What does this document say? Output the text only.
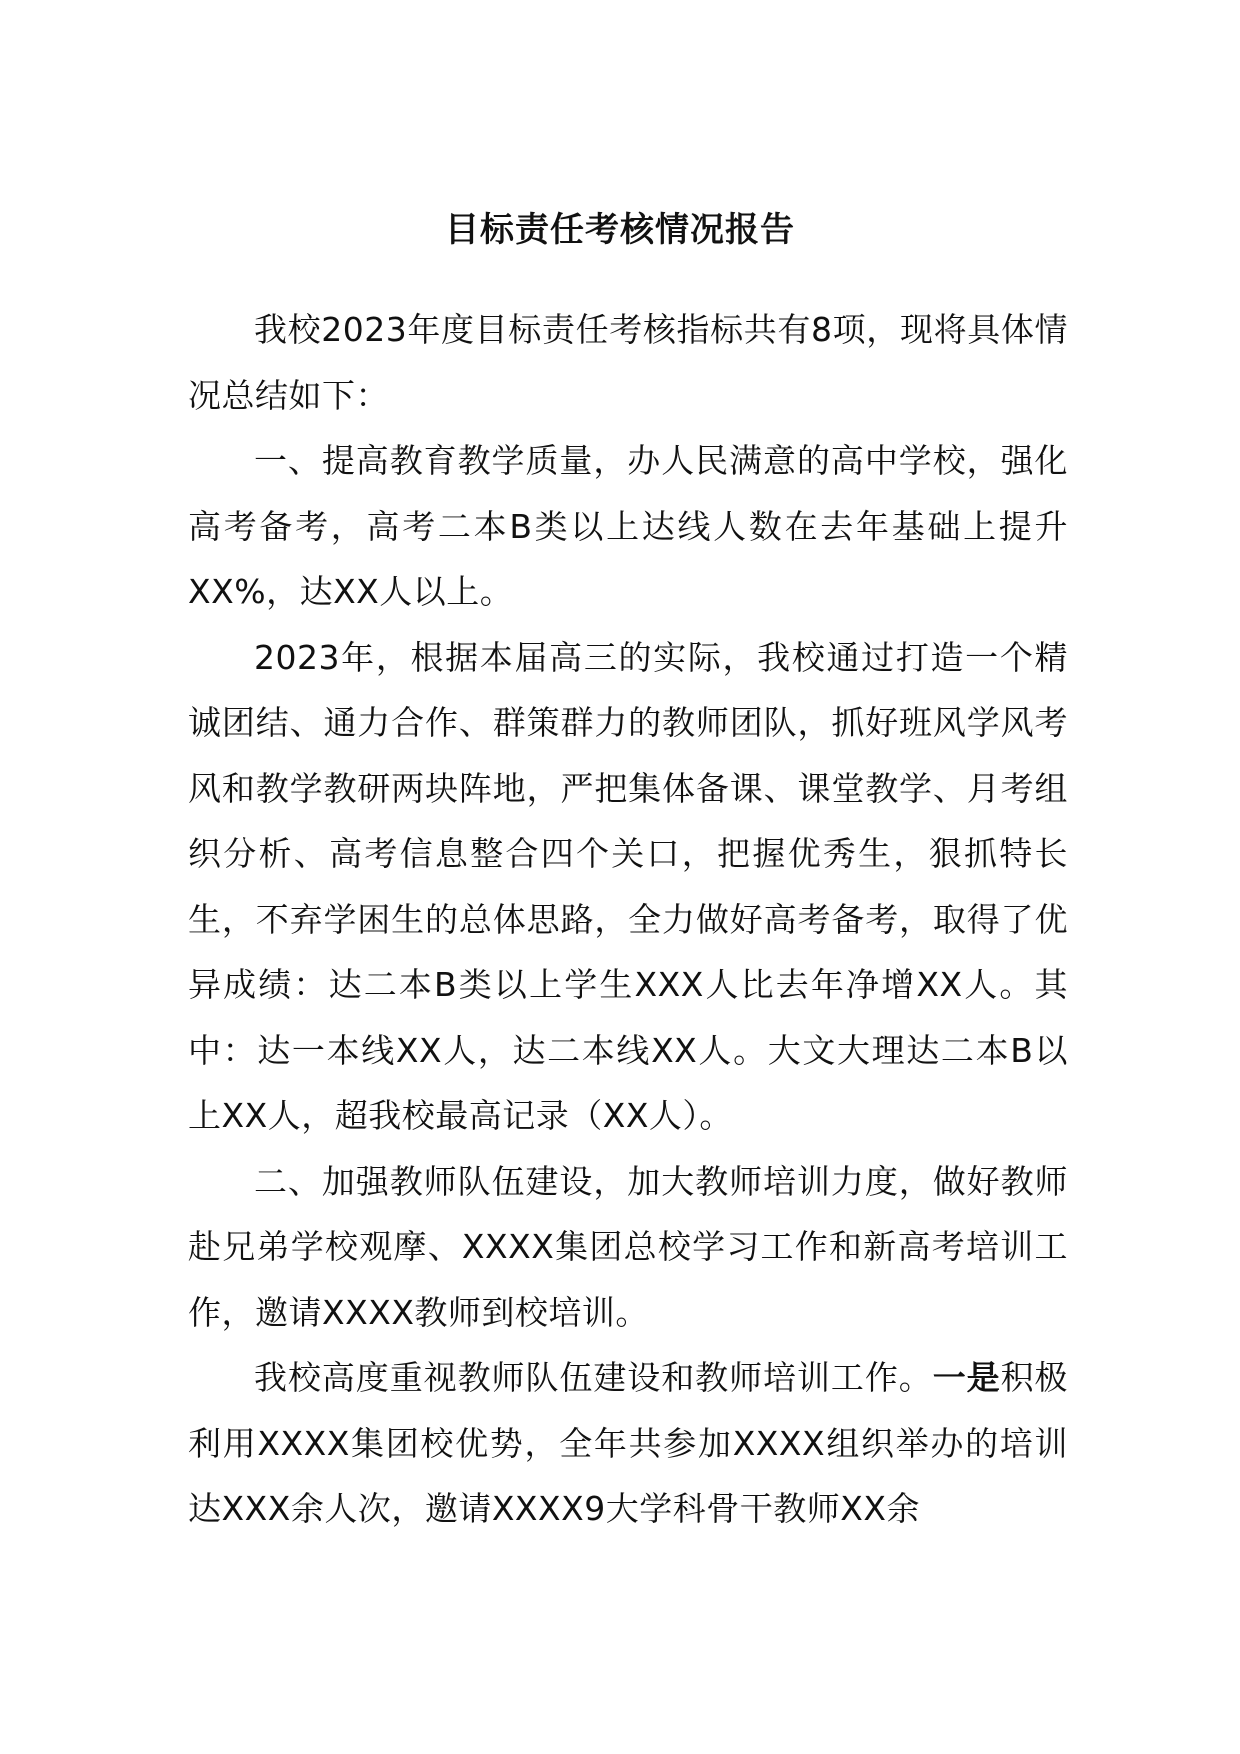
目标责任考核情况报告

我校2023年度目标责任考核指标共有8项，现将具体情况总结如下：

一、提高教育教学质量，办人民满意的高中学校，强化高考备考，高考二本B类以上达线人数在去年基础上提升XX%，达XX人以上。

2023年，根据本届高三的实际，我校通过打造一个精诚团结、通力合作、群策群力的教师团队，抓好班风学风考风和教学教研两块阵地，严把集体备课、课堂教学、月考组织分析、高考信息整合四个关口，把握优秀生，狠抓特长生，不弃学困生的总体思路，全力做好高考备考，取得了优异成绩：达二本B类以上学生XXX人比去年净增XX人。其中：达一本线XX人，达二本线XX人。大文大理达二本B以上XX人，超我校最高记录（XX人）。

二、加强教师队伍建设，加大教师培训力度，做好教师赴兄弟学校观摩、XXXX集团总校学习工作和新高考培训工作，邀请XXXX教师到校培训。

我校高度重视教师队伍建设和教师培训工作。一是积极利用XXXX集团校优势，全年共参加XXXX组织举办的培训达XXX余人次，邀请XXXX9大学科骨干教师XX余
